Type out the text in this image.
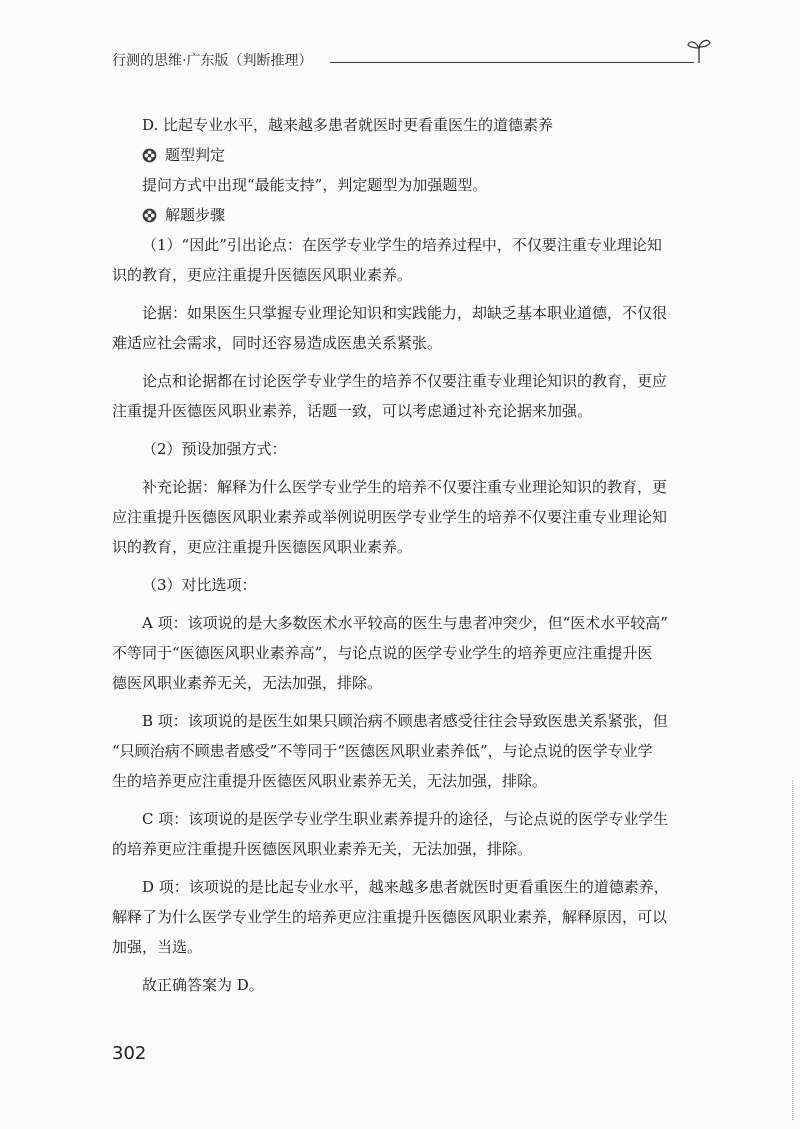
行测的思维·广东版（判断推理）
D. 比起专业水平，越来越多患者就医时更看重医生的道德素养
题型判定
提问方式中出现“最能支持”，判定题型为加强题型。
解题步骤
（1）“因此”引出论点：在医学专业学生的培养过程中，不仅要注重专业理论知
识的教育，更应注重提升医德医风职业素养。
论据：如果医生只掌握专业理论知识和实践能力，却缺乏基本职业道德，不仅很
难适应社会需求，同时还容易造成医患关系紧张。
论点和论据都在讨论医学专业学生的培养不仅要注重专业理论知识的教育，更应
注重提升医德医风职业素养，话题一致，可以考虑通过补充论据来加强。
（2）预设加强方式：
补充论据：解释为什么医学专业学生的培养不仅要注重专业理论知识的教育，更
应注重提升医德医风职业素养或举例说明医学专业学生的培养不仅要注重专业理论知
识的教育，更应注重提升医德医风职业素养。
（3）对比选项：
A 项：该项说的是大多数医术水平较高的医生与患者冲突少，但“医术水平较高”
不等同于“医德医风职业素养高”，与论点说的医学专业学生的培养更应注重提升医
德医风职业素养无关，无法加强，排除。
B 项：该项说的是医生如果只顾治病不顾患者感受往往会导致医患关系紧张，但
“只顾治病不顾患者感受”不等同于“医德医风职业素养低”，与论点说的医学专业学
生的培养更应注重提升医德医风职业素养无关，无法加强，排除。
C 项：该项说的是医学专业学生职业素养提升的途径，与论点说的医学专业学生
的培养更应注重提升医德医风职业素养无关，无法加强，排除。
D 项：该项说的是比起专业水平，越来越多患者就医时更看重医生的道德素养，
解释了为什么医学专业学生的培养更应注重提升医德医风职业素养，解释原因，可以
加强，当选。
故正确答案为 D。
302
